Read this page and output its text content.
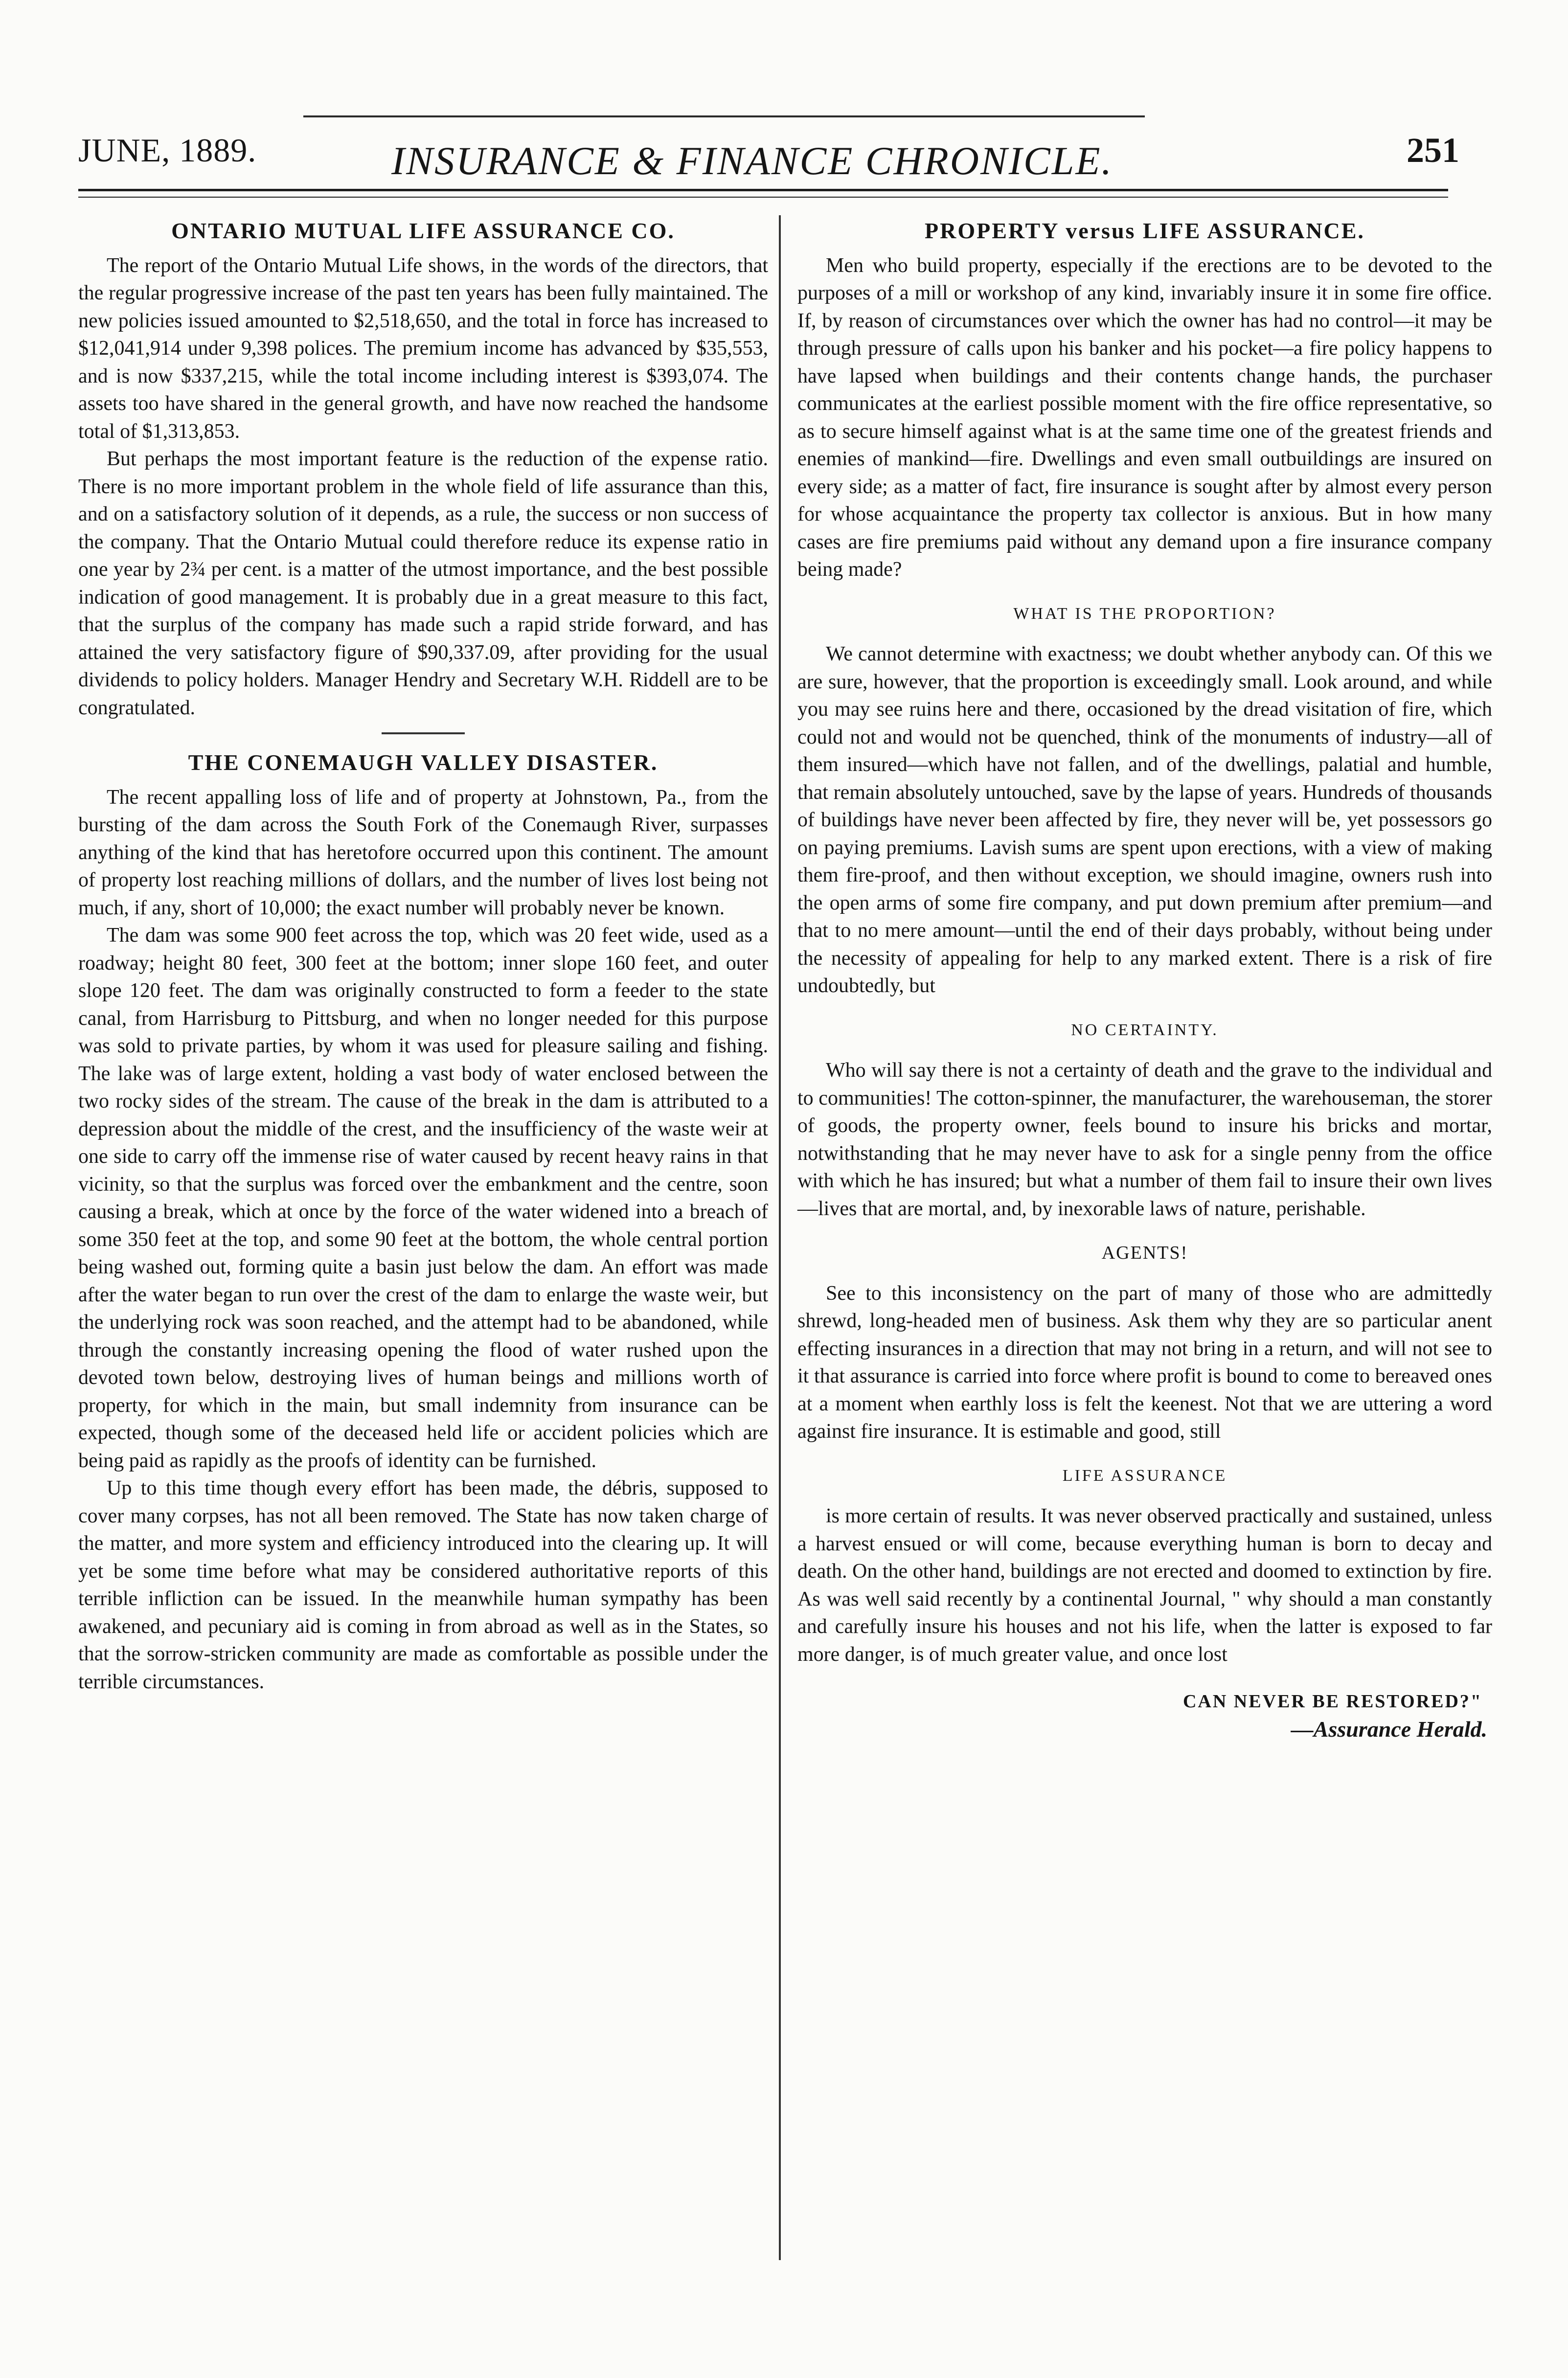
JUNE, 1889.	INSURANCE & FINANCE CHRONICLE.	251
ONTARIO MUTUAL LIFE ASSURANCE CO.

The report of the Ontario Mutual Life shows, in the words of the directors, that the regular progressive increase of the past ten years has been fully maintained. The new policies issued amounted to $2,518,650, and the total in force has increased to $12,041,914 under 9,398 polices. The premium income has advanced by $35,553, and is now $337,215, while the total income including interest is $393,074. The assets too have shared in the general growth, and have now reached the handsome total of $1,313,853.

But perhaps the most important feature is the reduction of the expense ratio. There is no more important problem in the whole field of life assurance than this, and on a satisfactory solution of it depends, as a rule, the success or non success of the company. That the Ontario Mutual could therefore reduce its expense ratio in one year by 2¾ per cent. is a matter of the utmost importance, and the best possible indication of good management. It is probably due in a great measure to this fact, that the surplus of the company has made such a rapid stride forward, and has attained the very satisfactory figure of $90,337.09, after providing for the usual dividends to policy holders. Manager Hendry and Secretary W.H. Riddell are to be congratulated.

THE CONEMAUGH VALLEY DISASTER.

The recent appalling loss of life and of property at Johnstown, Pa., from the bursting of the dam across the South Fork of the Conemaugh River, surpasses anything of the kind that has heretofore occurred upon this continent. The amount of property lost reaching millions of dollars, and the number of lives lost being not much, if any, short of 10,000; the exact number will probably never be known.

The dam was some 900 feet across the top, which was 20 feet wide, used as a roadway; height 80 feet, 300 feet at the bottom; inner slope 160 feet, and outer slope 120 feet. The dam was originally constructed to form a feeder to the state canal, from Harrisburg to Pittsburg, and when no longer needed for this purpose was sold to private parties, by whom it was used for pleasure sailing and fishing. The lake was of large extent, holding a vast body of water enclosed between the two rocky sides of the stream. The cause of the break in the dam is attributed to a depression about the middle of the crest, and the insufficiency of the waste weir at one side to carry off the immense rise of water caused by recent heavy rains in that vicinity, so that the surplus was forced over the embankment and the centre, soon causing a break, which at once by the force of the water widened into a breach of some 350 feet at the top, and some 90 feet at the bottom, the whole central portion being washed out, forming quite a basin just below the dam. An effort was made after the water began to run over the crest of the dam to enlarge the waste weir, but the underlying rock was soon reached, and the attempt had to be abandoned, while through the constantly increasing opening the flood of water rushed upon the devoted town below, destroying lives of human beings and millions worth of property, for which in the main, but small indemnity from insurance can be expected, though some of the deceased held life or accident policies which are being paid as rapidly as the proofs of identity can be furnished.

Up to this time though every effort has been made, the débris, supposed to cover many corpses, has not all been removed. The State has now taken charge of the matter, and more system and efficiency introduced into the clearing up. It will yet be some time before what may be considered authoritative reports of this terrible infliction can be issued. In the meanwhile human sympathy has been awakened, and pecuniary aid is coming in from abroad as well as in the States, so that the sorrow-stricken community are made as comfortable as possible under the terrible circumstances.

PROPERTY versus LIFE ASSURANCE.

Men who build property, especially if the erections are to be devoted to the purposes of a mill or workshop of any kind, invariably insure it in some fire office. If, by reason of circumstances over which the owner has had no control—it may be through pressure of calls upon his banker and his pocket—a fire policy happens to have lapsed when buildings and their contents change hands, the purchaser communicates at the earliest possible moment with the fire office representative, so as to secure himself against what is at the same time one of the greatest friends and enemies of mankind—fire. Dwellings and even small outbuildings are insured on every side; as a matter of fact, fire insurance is sought after by almost every person for whose acquaintance the property tax collector is anxious. But in how many cases are fire premiums paid without any demand upon a fire insurance company being made?

WHAT IS THE PROPORTION?

We cannot determine with exactness; we doubt whether anybody can. Of this we are sure, however, that the proportion is exceedingly small. Look around, and while you may see ruins here and there, occasioned by the dread visitation of fire, which could not and would not be quenched, think of the monuments of industry—all of them insured—which have not fallen, and of the dwellings, palatial and humble, that remain absolutely untouched, save by the lapse of years. Hundreds of thousands of buildings have never been affected by fire, they never will be, yet possessors go on paying premiums. Lavish sums are spent upon erections, with a view of making them fire-proof, and then without exception, we should imagine, owners rush into the open arms of some fire company, and put down premium after premium—and that to no mere amount—until the end of their days probably, without being under the necessity of appealing for help to any marked extent. There is a risk of fire undoubtedly, but

NO CERTAINTY.

Who will say there is not a certainty of death and the grave to the individual and to communities! The cotton-spinner, the manufacturer, the warehouseman, the storer of goods, the property owner, feels bound to insure his bricks and mortar, notwithstanding that he may never have to ask for a single penny from the office with which he has insured; but what a number of them fail to insure their own lives—lives that are mortal, and, by inexorable laws of nature, perishable.

AGENTS!

See to this inconsistency on the part of many of those who are admittedly shrewd, long-headed men of business. Ask them why they are so particular anent effecting insurances in a direction that may not bring in a return, and will not see to it that assurance is carried into force where profit is bound to come to bereaved ones at a moment when earthly loss is felt the keenest. Not that we are uttering a word against fire insurance. It is estimable and good, still

LIFE ASSURANCE

is more certain of results. It was never observed practically and sustained, unless a harvest ensued or will come, because everything human is born to decay and death. On the other hand, buildings are not erected and doomed to extinction by fire. As was well said recently by a continental Journal, " why should a man constantly and carefully insure his houses and not his life, when the latter is exposed to far more danger, is of much greater value, and once lost

CAN NEVER BE RESTORED?"
—Assurance Herald.
